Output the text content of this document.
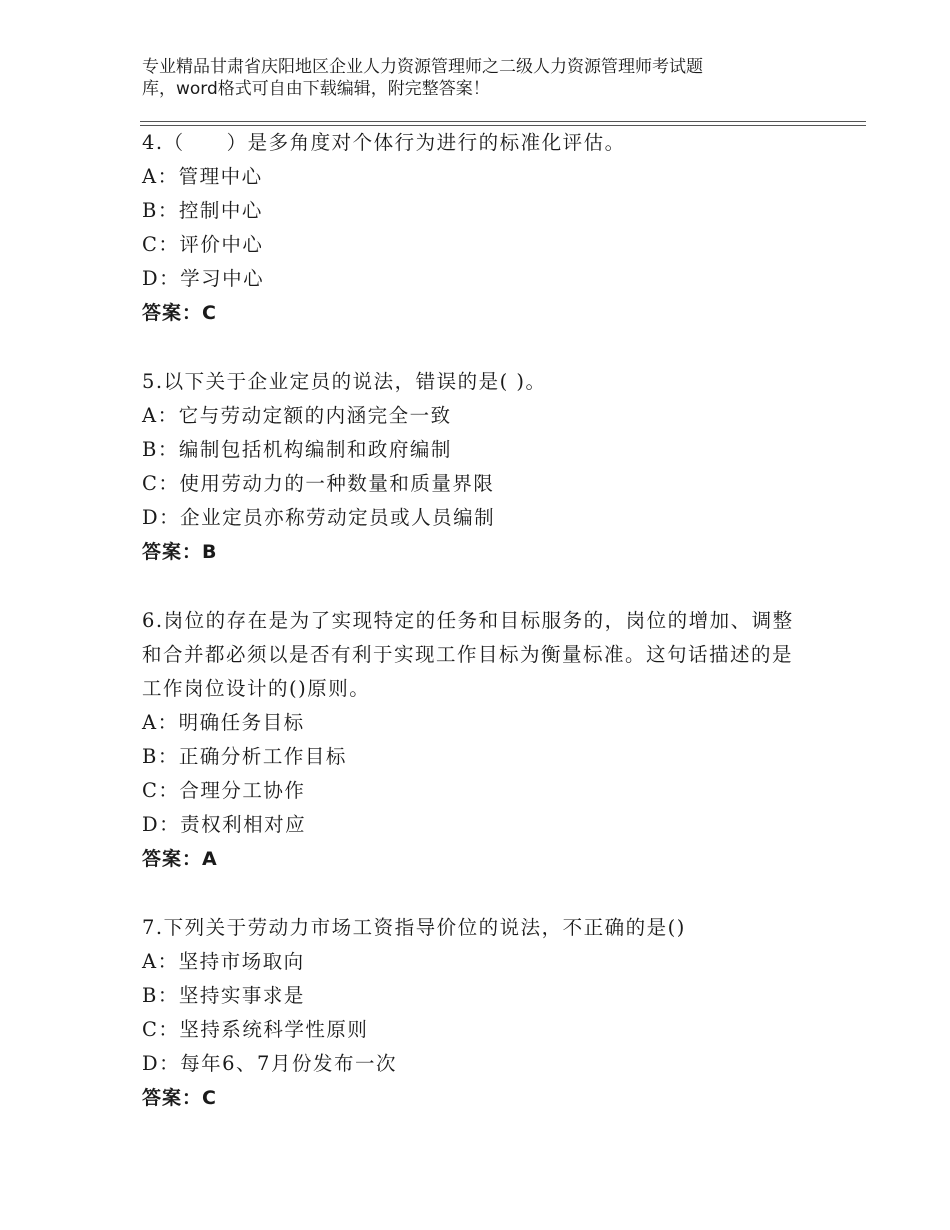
专业精品甘肃省庆阳地区企业人力资源管理师之二级人力资源管理师考试题
库，word格式可自由下载编辑，附完整答案！
4.（　　）是多角度对个体行为进行的标准化评估。
A：管理中心
B：控制中心
C：评价中心
D：学习中心
答案：C
5.以下关于企业定员的说法，错误的是( )。
A：它与劳动定额的内涵完全一致
B：编制包括机构编制和政府编制
C：使用劳动力的一种数量和质量界限
D：企业定员亦称劳动定员或人员编制
答案：B
6.岗位的存在是为了实现特定的任务和目标服务的，岗位的增加、调整和合并都必须以是否有利于实现工作目标为衡量标准。这句话描述的是工作岗位设计的()原则。
A：明确任务目标
B：正确分析工作目标
C：合理分工协作
D：责权利相对应
答案：A
7.下列关于劳动力市场工资指导价位的说法，不正确的是()
A：坚持市场取向
B：坚持实事求是
C：坚持系统科学性原则
D：每年6、7月份发布一次
答案：C
